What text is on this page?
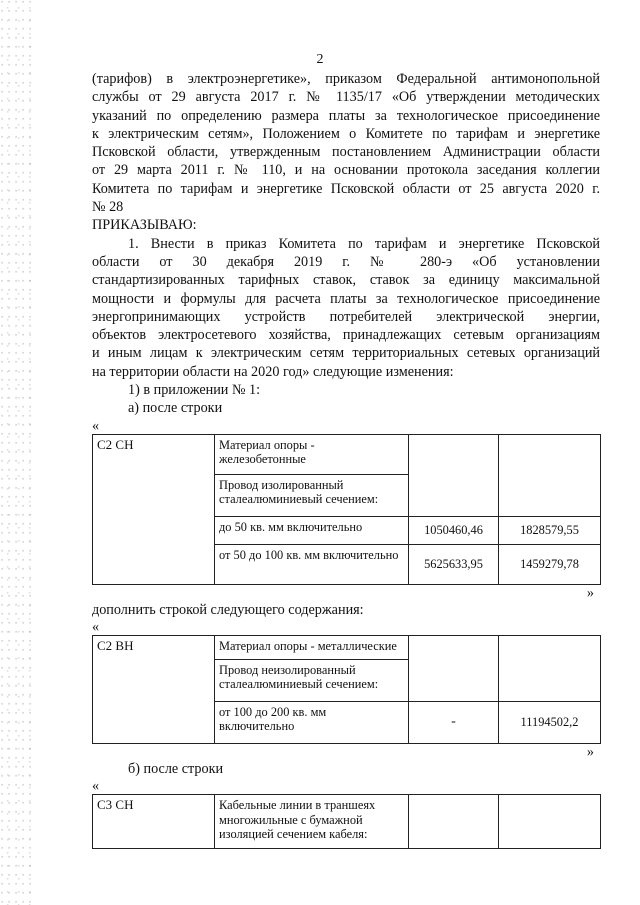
2

(тарифов) в электроэнергетике», приказом Федеральной антимонопольной

службы от 29 августа 2017 г. № 1135/17 «Об утверждении методических

указаний по определению размера платы за технологическое присоединение

к электрическим сетям», Положением о Комитете по тарифам и энергетике

Псковской области, утвержденным постановлением Администрации области

от 29 марта 2011 г. № 110, и на основании протокола заседания коллегии

Комитета по тарифам и энергетике Псковской области от 25 августа 2020 г.

№ 28

ПРИКАЗЫВАЮ:

1. Внести в приказ Комитета по тарифам и энергетике Псковской

области от 30 декабря 2019 г. № 280-э «Об установлении

стандартизированных тарифных ставок, ставок за единицу максимальной

мощности и формулы для расчета платы за технологическое присоединение

энергопринимающих устройств потребителей электрической энергии,

объектов электросетевого хозяйства, принадлежащих сетевым организациям

и иным лицам к электрическим сетям территориальных сетевых организаций

на территории области на 2020 год» следующие изменения:

1) в приложении № 1:

а) после строки

«

С2 СН	Материал опоры - железобетонные		
	Провод изолированный сталеалюминиевый сечением:		
	до 50 кв. мм включительно	1050460,46	1828579,55
	от 50 до 100 кв. мм включительно	5625633,95	1459279,78

»

дополнить строкой следующего содержания:

«

С2 ВН	Материал опоры - металлические		
	Провод неизолированный сталеалюминиевый сечением:		
	от 100 до 200 кв. мм включительно	-	11194502,2

»

б) после строки

«

С3 СН	Кабельные линии в траншеях многожильные с бумажной изоляцией сечением кабеля:		
